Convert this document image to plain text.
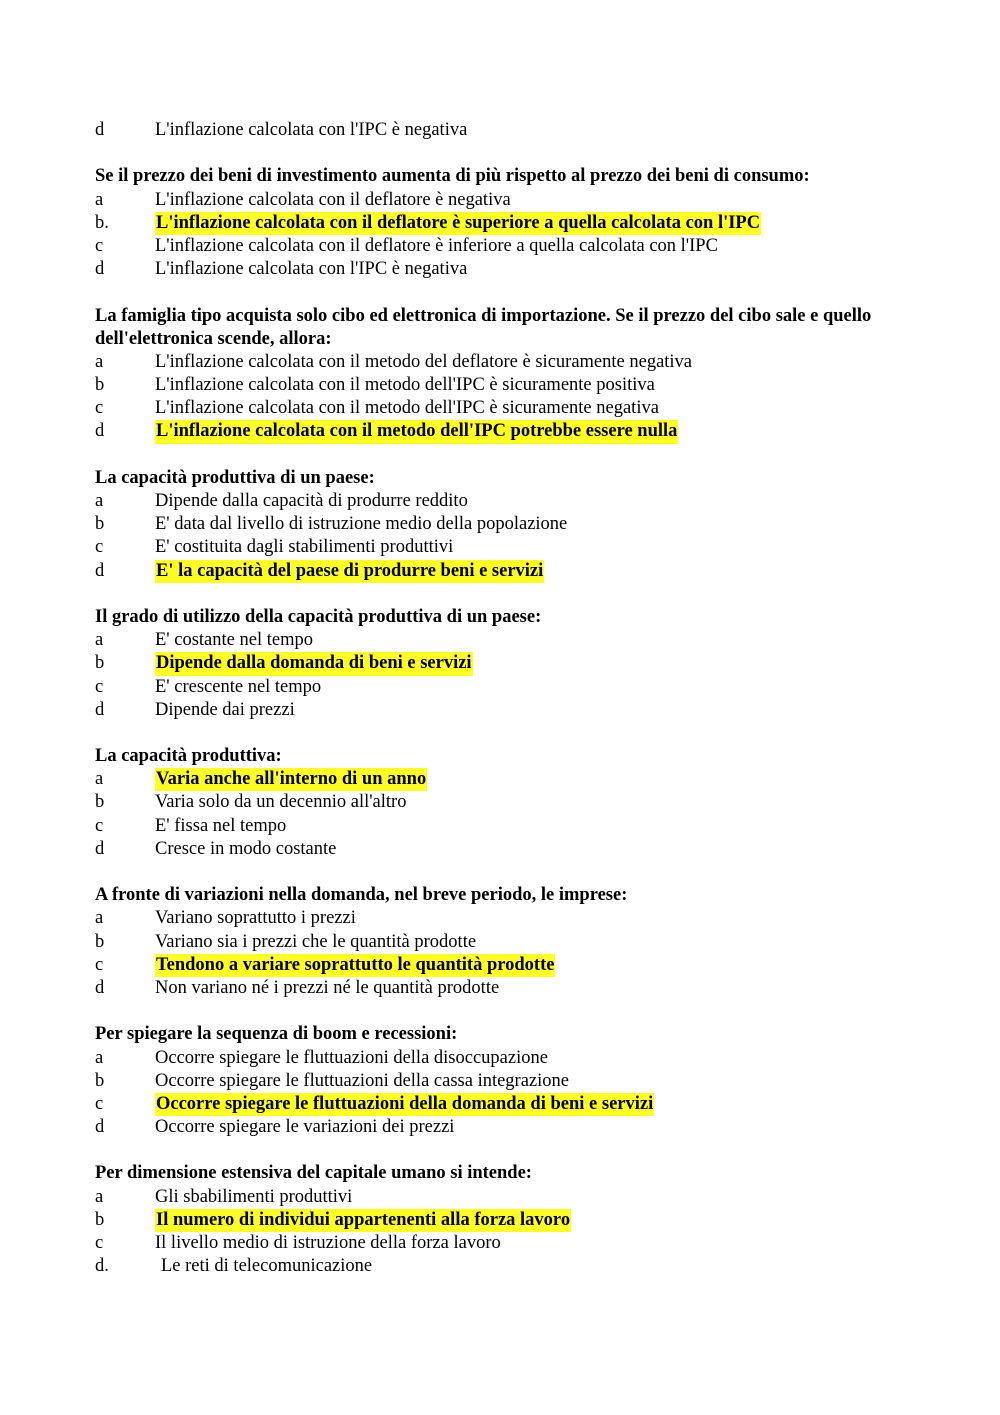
d	L'inflazione calcolata con l'IPC è negativa
Se il prezzo dei beni di investimento aumenta di più rispetto al prezzo dei beni di consumo:
a	L'inflazione calcolata con il deflatore è negativa
b.	L'inflazione calcolata con il deflatore è superiore a quella calcolata con l'IPC
c	L'inflazione calcolata con il deflatore è inferiore a quella calcolata con l'IPC
d	L'inflazione calcolata con l'IPC è negativa
La famiglia tipo acquista solo cibo ed elettronica di importazione. Se il prezzo del cibo sale e quello dell'elettronica scende, allora:
a	L'inflazione calcolata con il metodo del deflatore è sicuramente negativa
b	L'inflazione calcolata con il metodo dell'IPC è sicuramente positiva
c	L'inflazione calcolata con il metodo dell'IPC è sicuramente negativa
d	L'inflazione calcolata con il metodo dell'IPC potrebbe essere nulla
La capacità produttiva di un paese:
a	Dipende dalla capacità di produrre reddito
b	E' data dal livello di istruzione medio della popolazione
c	E' costituita dagli stabilimenti produttivi
d	E' la capacità del paese di produrre beni e servizi
Il grado di utilizzo della capacità produttiva di un paese:
a	E' costante nel tempo
b	Dipende dalla domanda di beni e servizi
c	E' crescente nel tempo
d	Dipende dai prezzi
La capacità produttiva:
a	Varia anche all'interno di un anno
b	Varia solo da un decennio all'altro
c	E' fissa nel tempo
d	Cresce in modo costante
A fronte di variazioni nella domanda, nel breve periodo, le imprese:
a	Variano soprattutto i prezzi
b	Variano sia i prezzi che le quantità prodotte
c	Tendono a variare soprattutto le quantità prodotte
d	Non variano né i prezzi né le quantità prodotte
Per spiegare la sequenza di boom e recessioni:
a	Occorre spiegare le fluttuazioni della disoccupazione
b	Occorre spiegare le fluttuazioni della cassa integrazione
c	Occorre spiegare le fluttuazioni della domanda di beni e servizi
d	Occorre spiegare le variazioni dei prezzi
Per dimensione estensiva del capitale umano si intende:
a	Gli sbabilimenti produttivi
b	Il numero di individui appartenenti alla forza lavoro
c	Il livello medio di istruzione della forza lavoro
d.	Le reti di telecomunicazione
